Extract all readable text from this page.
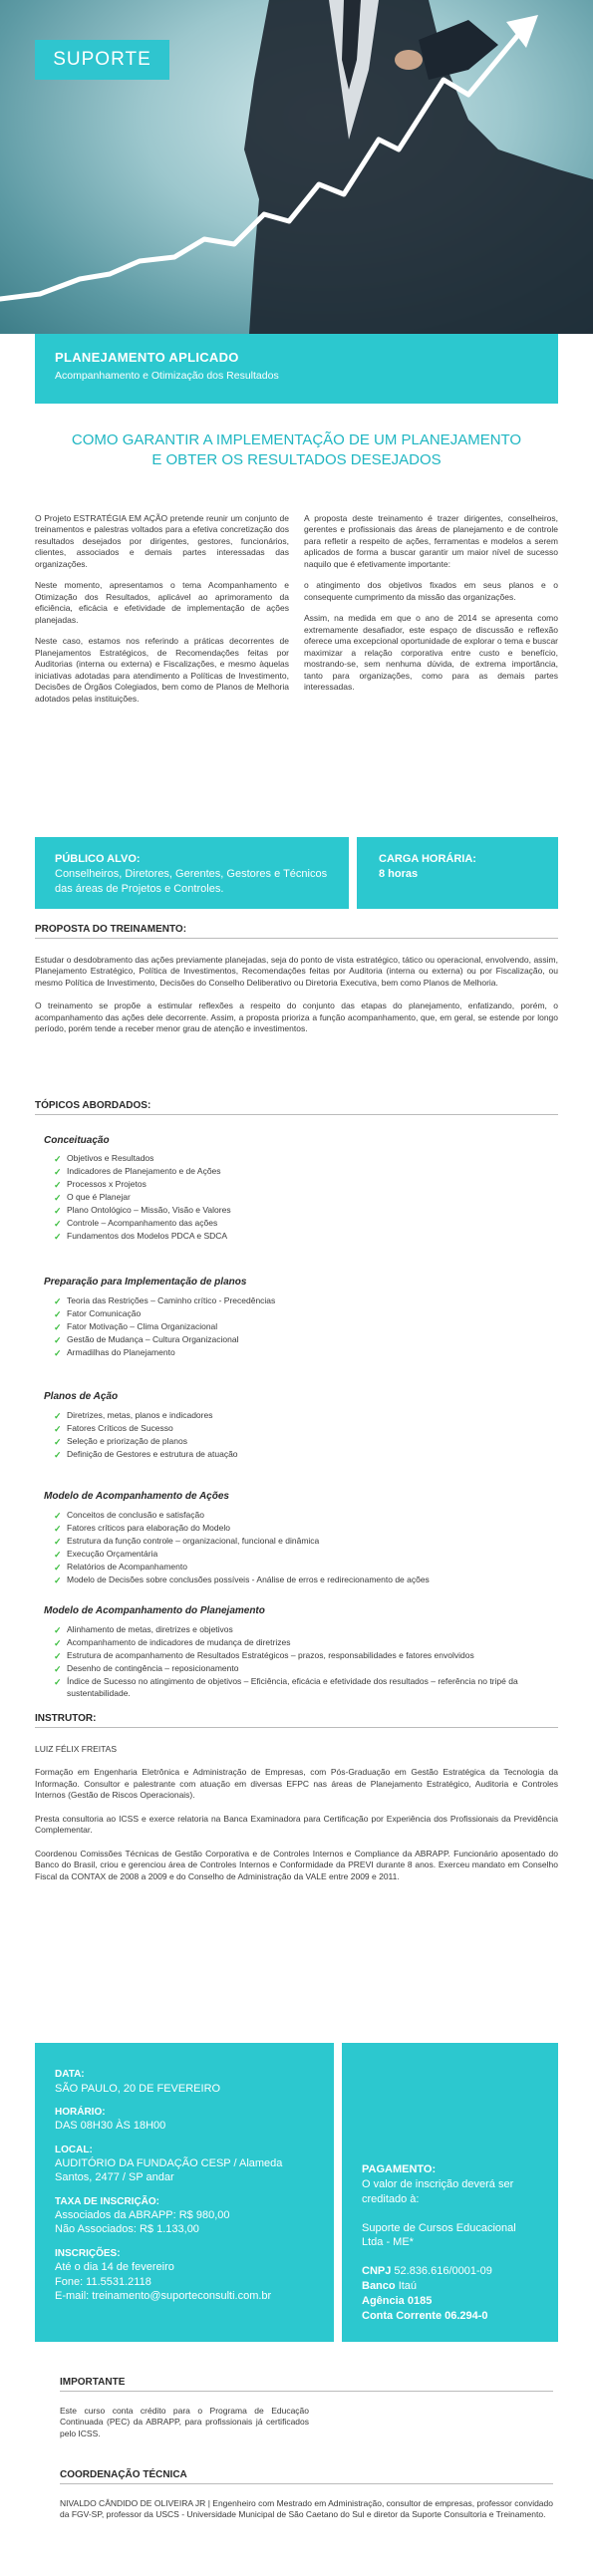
SUPORTE
PLANEJAMENTO APLICADO
Acompanhamento e Otimização dos Resultados
COMO GARANTIR A IMPLEMENTAÇÃO DE UM PLANEJAMENTO
E OBTER OS RESULTADOS DESEJADOS

O Projeto ESTRATÉGIA EM AÇÃO pretende reunir um conjunto de treinamentos e palestras voltados para a efetiva concretização dos resultados desejados por dirigentes, gestores, funcionários, clientes, associados e demais partes interessadas das organizações.

Neste momento, apresentamos o tema Acompanhamento e Otimização dos Resultados, aplicável ao aprimoramento da eficiência, eficácia e efetividade de implementação de ações planejadas.

Neste caso, estamos nos referindo a práticas decorrentes de Planejamentos Estratégicos, de Recomendações feitas por Auditorias (interna ou externa) e Fiscalizações, e mesmo àquelas iniciativas adotadas para atendimento a Políticas de Investimento, Decisões de Órgãos Colegiados, bem como de Planos de Melhoria adotados pelas instituições.

A proposta deste treinamento é trazer dirigentes, conselheiros, gerentes e profissionais das áreas de planejamento e de controle para refletir a respeito de ações, ferramentas e modelos a serem aplicados de forma a buscar garantir um maior nível de sucesso naquilo que é efetivamente importante:

o atingimento dos objetivos fixados em seus planos e o consequente cumprimento da missão das organizações.

Assim, na medida em que o ano de 2014 se apresenta como extremamente desafiador, este espaço de discussão e reflexão oferece uma excepcional oportunidade de explorar o tema e buscar maximizar a relação corporativa entre custo e benefício, mostrando-se, sem nenhuma dúvida, de extrema importância, tanto para organizações, como para as demais partes interessadas.

PÚBLICO ALVO:
Conselheiros, Diretores, Gerentes, Gestores e Técnicos das áreas de Projetos e Controles.
CARGA HORÁRIA:
8 horas
PROPOSTA DO TREINAMENTO:

Estudar o desdobramento das ações previamente planejadas, seja do ponto de vista estratégico, tático ou operacional, envolvendo, assim, Planejamento Estratégico, Política de Investimentos, Recomendações feitas por Auditoria (interna ou externa) ou por Fiscalização, ou mesmo Política de Investimento, Decisões do Conselho Deliberativo ou Diretoria Executiva, bem como Planos de Melhoria.

O treinamento se propõe a estimular reflexões a respeito do conjunto das etapas do planejamento, enfatizando, porém, o acompanhamento das ações dele decorrente. Assim, a proposta prioriza a função acompanhamento, que, em geral, se estende por longo período, porém tende a receber menor grau de atenção e investimentos.

TÓPICOS ABORDADOS:
Conceituação
✓ Objetivos e Resultados
✓ Indicadores de Planejamento e de Ações
✓ Processos x Projetos
✓ O que é Planejar
✓ Plano Ontológico – Missão, Visão e Valores
✓ Controle – Acompanhamento das ações
✓ Fundamentos dos Modelos PDCA e SDCA
Preparação para Implementação de planos
✓ Teoria das Restrições – Caminho crítico - Precedências
✓ Fator Comunicação
✓ Fator Motivação – Clima Organizacional
✓ Gestão de Mudança – Cultura Organizacional
✓ Armadilhas do Planejamento
Planos de Ação
✓ Diretrizes, metas, planos e indicadores
✓ Fatores Críticos de Sucesso
✓ Seleção e priorização de planos
✓ Definição de Gestores e estrutura de atuação
Modelo de Acompanhamento de Ações
✓ Conceitos de conclusão e satisfação
✓ Fatores críticos para elaboração do Modelo
✓ Estrutura da função controle – organizacional, funcional e dinâmica
✓ Execução Orçamentária
✓ Relatórios de Acompanhamento
✓ Modelo de Decisões sobre conclusões possíveis - Análise de erros e redirecionamento de ações
Modelo de Acompanhamento do Planejamento
✓ Alinhamento de metas, diretrizes e objetivos
✓ Acompanhamento de indicadores de mudança de diretrizes
✓ Estrutura de acompanhamento de Resultados Estratégicos – prazos, responsabilidades e fatores envolvidos
✓ Desenho de contingência – reposicionamento
✓ Índice de Sucesso no atingimento de objetivos – Eficiência, eficácia e efetividade dos resultados – referência no tripé da sustentabilidade.
INSTRUTOR:

LUIZ FÉLIX FREITAS

Formação em Engenharia Eletrônica e Administração de Empresas, com Pós-Graduação em Gestão Estratégica da Tecnologia da Informação. Consultor e palestrante com atuação em diversas EFPC nas áreas de Planejamento Estratégico, Auditoria e Controles Internos (Gestão de Riscos Operacionais).

Presta consultoria ao ICSS e exerce relatoria na Banca Examinadora para Certificação por Experiência dos Profissionais da Previdência Complementar.

Coordenou Comissões Técnicas de Gestão Corporativa e de Controles Internos e Compliance da ABRAPP. Funcionário aposentado do Banco do Brasil, criou e gerenciou área de Controles Internos e Conformidade da PREVI durante 8 anos. Exerceu mandato em Conselho Fiscal da CONTAX de 2008 a 2009 e do Conselho de Administração da VALE entre 2009 e 2011.

DATA:
SÃO PAULO, 20 DE FEVEREIRO
HORÁRIO:
DAS 08H30 ÀS 18H00
LOCAL:
AUDITÓRIO DA FUNDAÇÃO CESP / Alameda Santos, 2477 / SP andar
TAXA DE INSCRIÇÃO:
Associados da ABRAPP: R$ 980,00
Não Associados: R$ 1.133,00
INSCRIÇÕES:
Até o dia 14 de fevereiro
Fone: 11.5531.2118
E-mail: treinamento@suporteconsulti.com.br
PAGAMENTO:
O valor de inscrição deverá ser creditado à:
Suporte de Cursos Educacional Ltda - ME*
CNPJ 52.836.616/0001-09
Banco Itaú
Agência 0185
Conta Corrente 06.294-0
IMPORTANTE
Este curso conta crédito para o Programa de Educação Continuada (PEC) da ABRAPP, para profissionais já certificados pelo ICSS.
COORDENAÇÃO TÉCNICA
NIVALDO CÂNDIDO DE OLIVEIRA JR | Engenheiro com Mestrado em Administração, consultor de empresas, professor convidado da FGV-SP, professor da USCS - Universidade Municipal de São Caetano do Sul e diretor da Suporte Consultoria e Treinamento.
